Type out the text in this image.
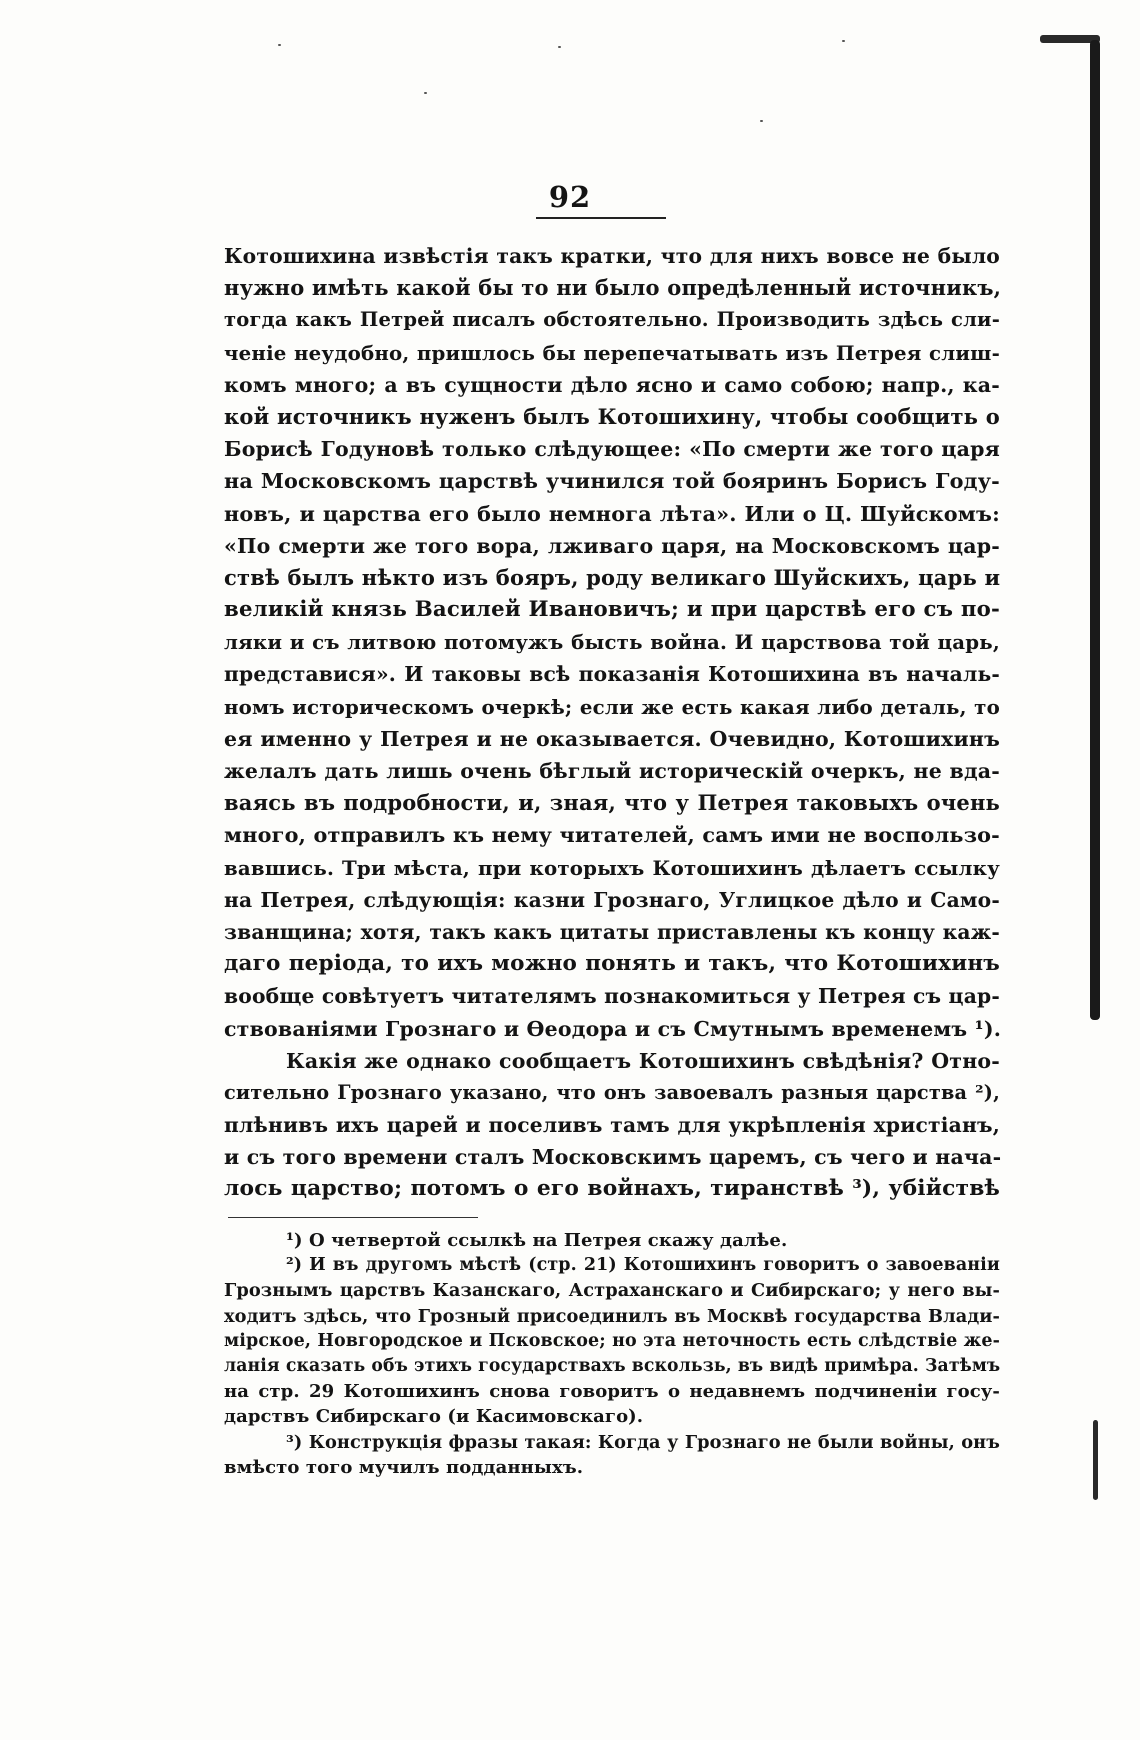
92
Котошихина извѣстія такъ кратки, что для нихъ вовсе не было
нужно имѣть какой бы то ни было опредѣленный источникъ,
тогда какъ Петрей писалъ обстоятельно. Производить здѣсь сли-
ченіе неудобно, пришлось бы перепечатывать изъ Петрея слиш-
комъ много; а въ сущности дѣло ясно и само собою; напр., ка-
кой источникъ нуженъ былъ Котошихину, чтобы сообщить о
Борисѣ Годуновѣ только слѣдующее: «По смерти же того царя
на Московскомъ царствѣ учинился той бояринъ Борисъ Году-
новъ, и царства его было немнога лѣта». Или о Ц. Шуйскомъ:
«По смерти же того вора, лживаго царя, на Московскомъ цар-
ствѣ былъ нѣкто изъ бояръ, роду великаго Шуйскихъ, царь и
великій князь Василей Ивановичъ; и при царствѣ его съ по-
ляки и съ литвою потомужъ бысть война. И царствова той царь,
представися». И таковы всѣ показанія Котошихина въ началь-
номъ историческомъ очеркѣ; если же есть какая либо деталь, то
ея именно у Петрея и не оказывается. Очевидно, Котошихинъ
желалъ дать лишь очень бѣглый историческій очеркъ, не вда-
ваясь въ подробности, и, зная, что у Петрея таковыхъ очень
много, отправилъ къ нему читателей, самъ ими не воспользо-
вавшись. Три мѣста, при которыхъ Котошихинъ дѣлаетъ ссылку
на Петрея, слѣдующія: казни Грознаго, Углицкое дѣло и Само-
званщина; хотя, такъ какъ цитаты приставлены къ концу каж-
даго періода, то ихъ можно понять и такъ, что Котошихинъ
вообще совѣтуетъ читателямъ познакомиться у Петрея съ цар-
ствованіями Грознаго и Ѳеодора и съ Смутнымъ временемъ ¹).
Какія же однако сообщаетъ Котошихинъ свѣдѣнія? Отно-
сительно Грознаго указано, что онъ завоевалъ разныя царства ²),
плѣнивъ ихъ царей и поселивъ тамъ для укрѣпленія христіанъ,
и съ того времени сталъ Московскимъ царемъ, съ чего и нача-
лось царство; потомъ о его войнахъ, тиранствѣ ³), убійствѣ
¹) О четвертой ссылкѣ на Петрея скажу далѣе.
²) И въ другомъ мѣстѣ (стр. 21) Котошихинъ говоритъ о завоеваніи
Грознымъ царствъ Казанскаго, Астраханскаго и Сибирскаго; у него вы-
ходитъ здѣсь, что Грозный присоединилъ въ Москвѣ государства Влади-
мірское, Новгородское и Псковское; но эта неточность есть слѣдствіе же-
ланія сказать объ этихъ государствахъ вскользь, въ видѣ примѣра. Затѣмъ
на стр. 29 Котошихинъ снова говоритъ о недавнемъ подчиненіи госу-
дарствъ Сибирскаго (и Касимовскаго).
³) Конструкція фразы такая: Когда у Грознаго не были войны, онъ
вмѣсто того мучилъ подданныхъ.
